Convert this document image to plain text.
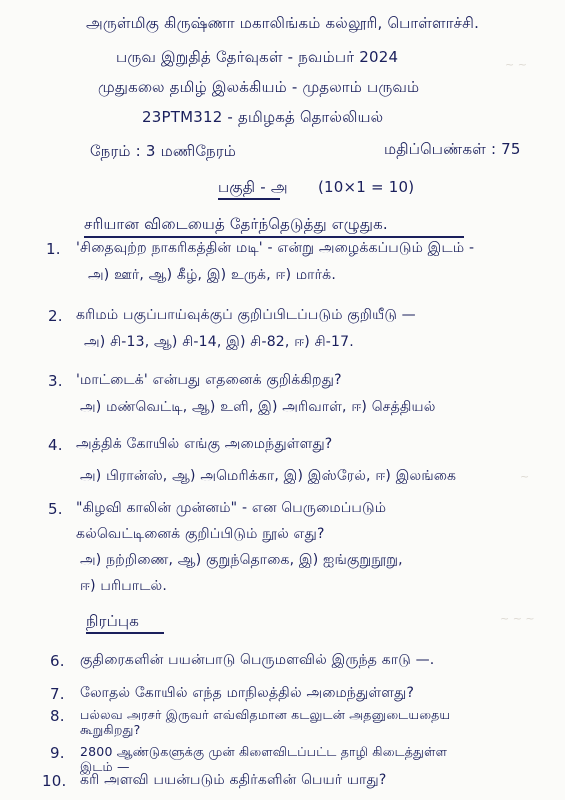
~ ~
~
~ ~ ~
அருள்மிகு கிருஷ்ணா மகாலிங்கம் கல்லூரி, பொள்ளாச்சி.
பருவ இறுதித் தேர்வுகள் - நவம்பர் 2024
முதுகலை தமிழ் இலக்கியம் - முதலாம் பருவம்
23PTM312 - தமிழகத் தொல்லியல்
நேரம் : 3 மணிநேரம்	மதிப்பெண்கள் : 75
பகுதி - அ (10×1 = 10)
சரியான விடையைத் தேர்ந்தெடுத்து எழுதுக.
1. 'சிதைவுற்ற நாகரிகத்தின் மடி' - என்று அழைக்கப்படும் இடம் -
அ) ஊர், ஆ) கீழ், இ) உருக், ஈ) மார்க்.
2. கரிமம் பகுப்பாய்வுக்குப் குறிப்பிடப்படும் குறியீடு —
அ) சி-13, ஆ) சி-14, இ) சி-82, ஈ) சி-17.
3. 'மாட்டைக்' என்பது எதனைக் குறிக்கிறது?
அ) மண்வெட்டி, ஆ) உளி, இ) அரிவாள், ஈ) செத்தியல்
4. அத்திக் கோயில் எங்கு அமைந்துள்ளது?
அ) பிரான்ஸ், ஆ) அமெரிக்கா, இ) இஸ்ரேல், ஈ) இலங்கை
5. "கிழவி காலின் முன்னம்" - என பெருமைப்படும்
கல்வெட்டினைக் குறிப்பிடும் நூல் எது?
அ) நற்றிணை, ஆ) குறுந்தொகை, இ) ஐங்குறுநூறு,
ஈ) பரிபாடல்.
நிரப்புக
6. குதிரைகளின் பயன்பாடு பெருமளவில் இருந்த காடு —.
7. லோதல் கோயில் எந்த மாநிலத்தில் அமைந்துள்ளது?
8. பல்லவ அரசர் இருவர் எவ்விதமான கடலுடன் அதனுடையதைய
கூறுகிறது?
9. 2800 ஆண்டுகளுக்கு முன் கிளைவிடப்பட்ட தாழி கிடைத்துள்ள
இடம் —
10. கரி அளவி பயன்படும் கதிர்களின் பெயர் யாது?
